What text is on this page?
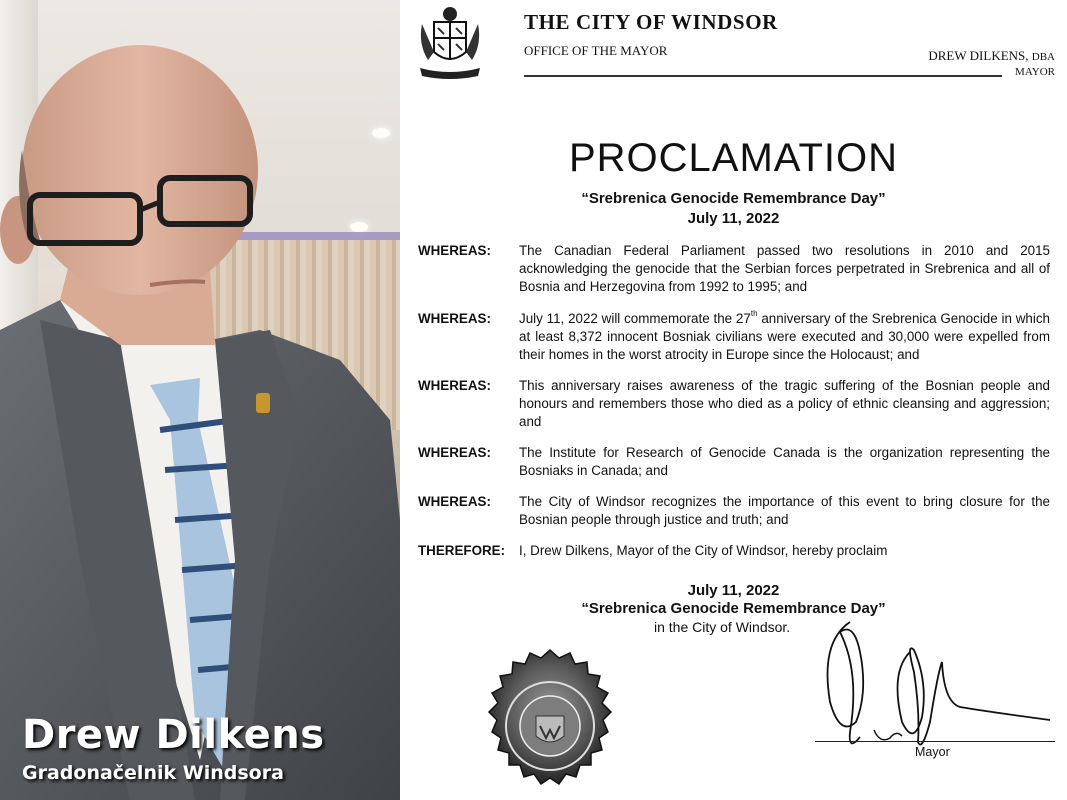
Drew Dilkens
Gradonačelnik Windsora
THE CITY OF WINDSOR
OFFICE OF THE MAYOR	DREW DILKENS, DBA
MAYOR
PROCLAMATION
“Srebrenica Genocide Remembrance Day”
July 11, 2022
WHEREAS:	The Canadian Federal Parliament passed two resolutions in 2010 and 2015 acknowledging the genocide that the Serbian forces perpetrated in Srebrenica and all of Bosnia and Herzegovina from 1992 to 1995; and
WHEREAS:	July 11, 2022 will commemorate the 27th anniversary of the Srebrenica Genocide in which at least 8,372 innocent Bosniak civilians were executed and 30,000 were expelled from their homes in the worst atrocity in Europe since the Holocaust; and
WHEREAS:	This anniversary raises awareness of the tragic suffering of the Bosnian people and honours and remembers those who died as a policy of ethnic cleansing and aggression; and
WHEREAS:	The Institute for Research of Genocide Canada is the organization representing the Bosniaks in Canada; and
WHEREAS:	The City of Windsor recognizes the importance of this event to bring closure for the Bosnian people through justice and truth; and
THEREFORE:	I, Drew Dilkens, Mayor of the City of Windsor, hereby proclaim
July 11, 2022
“Srebrenica Genocide Remembrance Day”
in the City of Windsor.
Mayor
